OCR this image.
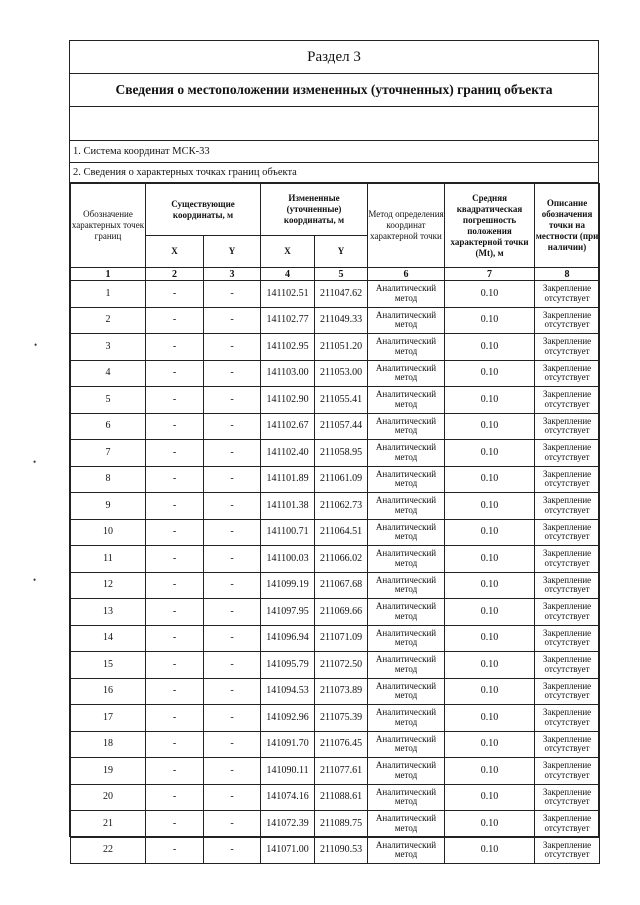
Раздел 3
Сведения о местоположении измененных (уточненных) границ объекта
1. Система координат МСК-33
2. Сведения о характерных точках границ объекта
Обозначение характерных точек границ	Существующие координаты, м		Измененные (уточненные) координаты, м		Метод определения координат характерной точки	Средняя квадратическая погрешность положения характерной точки (Mt), м	Описание обозначения точки на местности (при наличии)
	X	Y	X	Y			
1	2	3	4	5	6	7	8
1	-	-	141102.51	211047.62	Аналитический метод	0.10	Закрепление отсутствует
2	-	-	141102.77	211049.33	Аналитический метод	0.10	Закрепление отсутствует
3	-	-	141102.95	211051.20	Аналитический метод	0.10	Закрепление отсутствует
4	-	-	141103.00	211053.00	Аналитический метод	0.10	Закрепление отсутствует
5	-	-	141102.90	211055.41	Аналитический метод	0.10	Закрепление отсутствует
6	-	-	141102.67	211057.44	Аналитический метод	0.10	Закрепление отсутствует
7	-	-	141102.40	211058.95	Аналитический метод	0.10	Закрепление отсутствует
8	-	-	141101.89	211061.09	Аналитический метод	0.10	Закрепление отсутствует
9	-	-	141101.38	211062.73	Аналитический метод	0.10	Закрепление отсутствует
10	-	-	141100.71	211064.51	Аналитический метод	0.10	Закрепление отсутствует
11	-	-	141100.03	211066.02	Аналитический метод	0.10	Закрепление отсутствует
12	-	-	141099.19	211067.68	Аналитический метод	0.10	Закрепление отсутствует
13	-	-	141097.95	211069.66	Аналитический метод	0.10	Закрепление отсутствует
14	-	-	141096.94	211071.09	Аналитический метод	0.10	Закрепление отсутствует
15	-	-	141095.79	211072.50	Аналитический метод	0.10	Закрепление отсутствует
16	-	-	141094.53	211073.89	Аналитический метод	0.10	Закрепление отсутствует
17	-	-	141092.96	211075.39	Аналитический метод	0.10	Закрепление отсутствует
18	-	-	141091.70	211076.45	Аналитический метод	0.10	Закрепление отсутствует
19	-	-	141090.11	211077.61	Аналитический метод	0.10	Закрепление отсутствует
20	-	-	141074.16	211088.61	Аналитический метод	0.10	Закрепление отсутствует
21	-	-	141072.39	211089.75	Аналитический метод	0.10	Закрепление отсутствует
22	-	-	141071.00	211090.53	Аналитический метод	0.10	Закрепление отсутствует
•
•
•
